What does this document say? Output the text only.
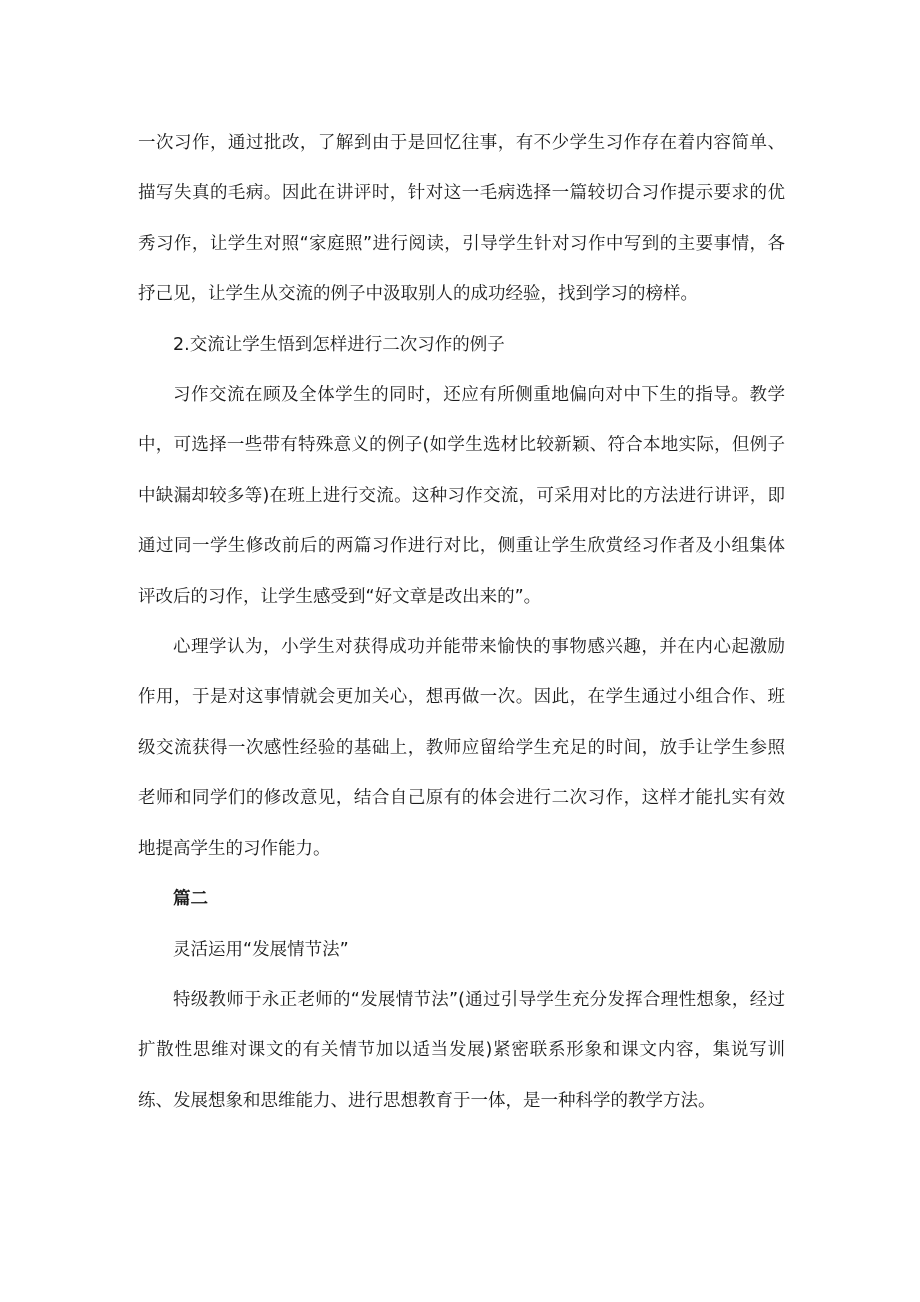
一次习作，通过批改，了解到由于是回忆往事，有不少学生习作存在着内容简单、描写失真的毛病。因此在讲评时，针对这一毛病选择一篇较切合习作提示要求的优秀习作，让学生对照“家庭照”进行阅读，引导学生针对习作中写到的主要事情，各抒己见，让学生从交流的例子中汲取别人的成功经验，找到学习的榜样。

2.交流让学生悟到怎样进行二次习作的例子

习作交流在顾及全体学生的同时，还应有所侧重地偏向对中下生的指导。教学中，可选择一些带有特殊意义的例子(如学生选材比较新颖、符合本地实际，但例子中缺漏却较多等)在班上进行交流。这种习作交流，可采用对比的方法进行讲评，即通过同一学生修改前后的两篇习作进行对比，侧重让学生欣赏经习作者及小组集体评改后的习作，让学生感受到“好文章是改出来的”。

心理学认为，小学生对获得成功并能带来愉快的事物感兴趣，并在内心起激励作用，于是对这事情就会更加关心，想再做一次。因此，在学生通过小组合作、班级交流获得一次感性经验的基础上，教师应留给学生充足的时间，放手让学生参照老师和同学们的修改意见，结合自己原有的体会进行二次习作，这样才能扎实有效地提高学生的习作能力。

篇二

灵活运用“发展情节法”

特级教师于永正老师的“发展情节法”(通过引导学生充分发挥合理性想象，经过扩散性思维对课文的有关情节加以适当发展)紧密联系形象和课文内容，集说写训练、发展想象和思维能力、进行思想教育于一体，是一种科学的教学方法。
